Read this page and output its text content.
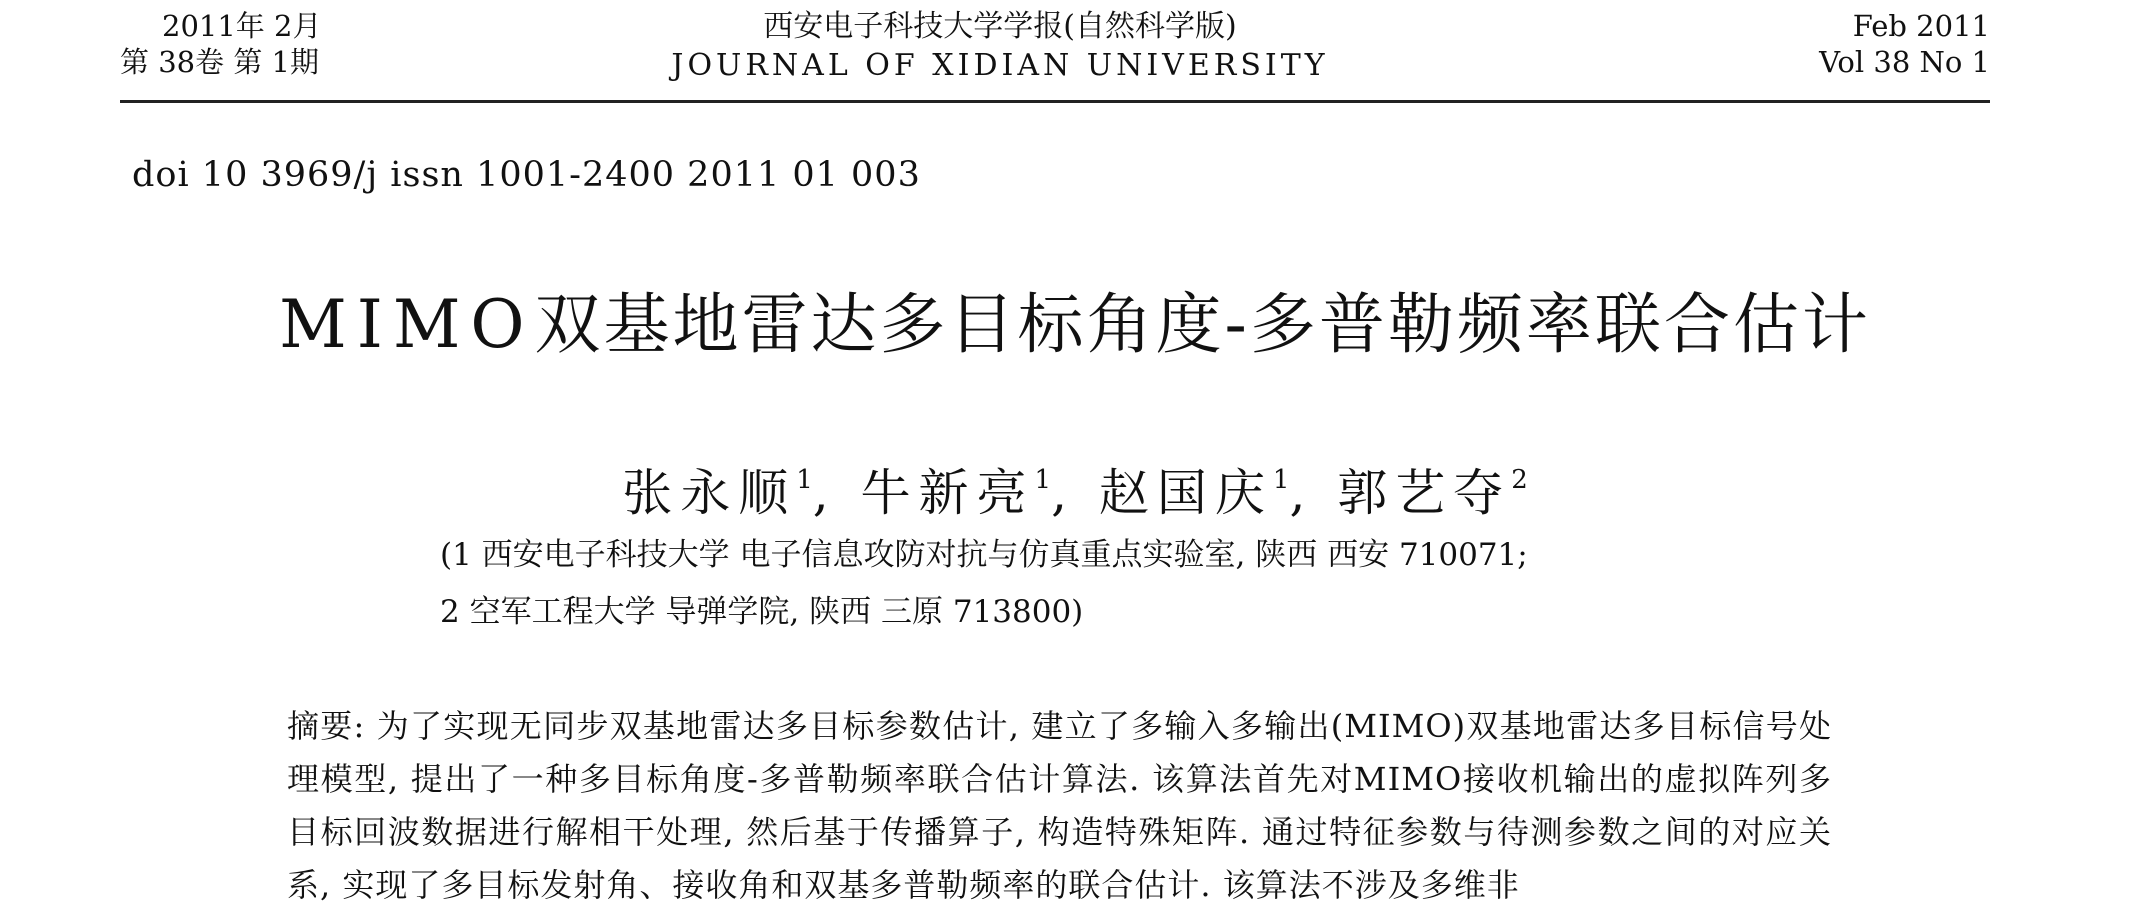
2011年 2月
第 38卷 第 1期
西安电子科技大学学报(自然科学版)
JOURNAL OF XIDIAN UNIVERSITY
Feb 2011
Vol 38 No 1
doi 10 3969/j issn 1001-2400 2011 01 003
MIMO双基地雷达多目标角度-多普勒频率联合估计
张永顺$^1$, 牛新亮$^1$, 赵国庆$^1$, 郭艺夺$^2$
(1 西安电子科技大学 电子信息攻防对抗与仿真重点实验室, 陕西 西安 710071;
2 空军工程大学 导弹学院, 陕西 三原 713800)
摘要: 为了实现无同步双基地雷达多目标参数估计, 建立了多输入多输出(MIMO)双基地雷达多目标信号处理模型, 提出了一种多目标角度-多普勒频率联合估计算法. 该算法首先对MIMO接收机输出的虚拟阵列多目标回波数据进行解相干处理, 然后基于传播算子, 构造特殊矩阵. 通过特征参数与待测参数之间的对应关系, 实现了多目标发射角、接收角和双基多普勒频率的联合估计. 该算法不涉及多维非
